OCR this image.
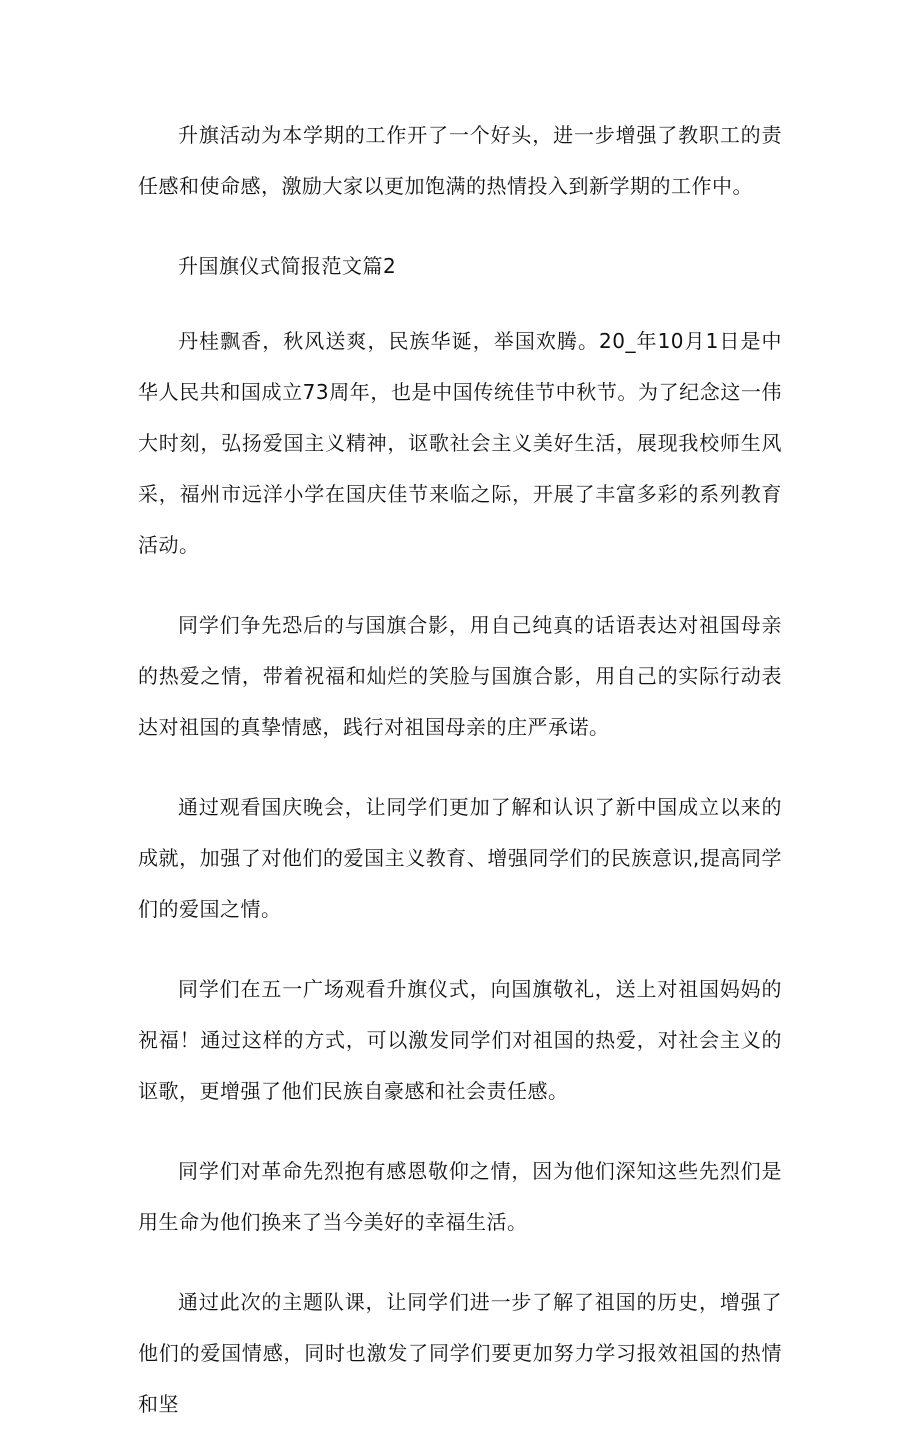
升旗活动为本学期的工作开了一个好头，进一步增强了教职工的责任感和使命感，激励大家以更加饱满的热情投入到新学期的工作中。

升国旗仪式简报范文篇2

丹桂飘香，秋风送爽，民族华诞，举国欢腾。20_年10月1日是中华人民共和国成立73周年，也是中国传统佳节中秋节。为了纪念这一伟大时刻，弘扬爱国主义精神，讴歌社会主义美好生活，展现我校师生风采，福州市远洋小学在国庆佳节来临之际，开展了丰富多彩的系列教育活动。

同学们争先恐后的与国旗合影，用自己纯真的话语表达对祖国母亲的热爱之情，带着祝福和灿烂的笑脸与国旗合影，用自己的实际行动表达对祖国的真挚情感，践行对祖国母亲的庄严承诺。

通过观看国庆晚会，让同学们更加了解和认识了新中国成立以来的成就，加强了对他们的爱国主义教育、增强同学们的民族意识,提高同学们的爱国之情。

同学们在五一广场观看升旗仪式，向国旗敬礼，送上对祖国妈妈的祝福！通过这样的方式，可以激发同学们对祖国的热爱，对社会主义的讴歌，更增强了他们民族自豪感和社会责任感。

同学们对革命先烈抱有感恩敬仰之情，因为他们深知这些先烈们是用生命为他们换来了当今美好的幸福生活。

通过此次的主题队课，让同学们进一步了解了祖国的历史，增强了他们的爱国情感，同时也激发了同学们要更加努力学习报效祖国的热情和坚
